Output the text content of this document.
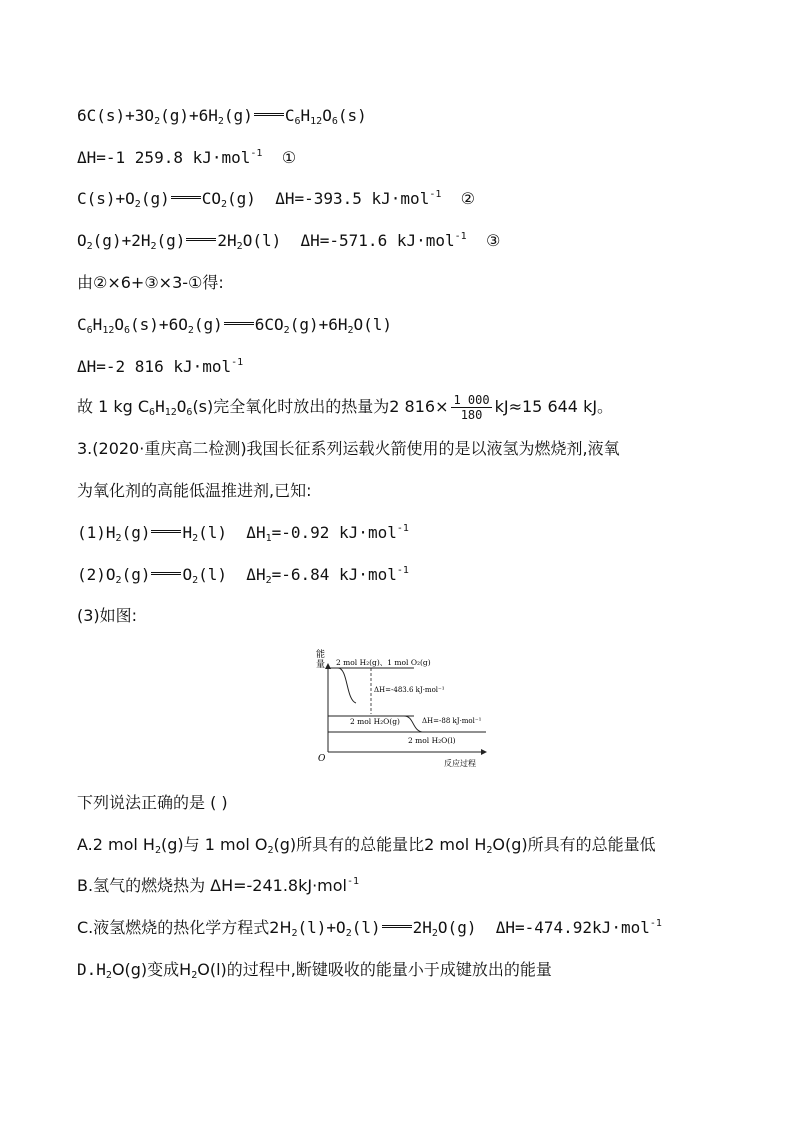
$6C(s)+3O_2(g)+6H_2(g)$ $C_6H_{12}O_6(s)$
ΔH=-1 259.8 kJ·mol$^{-1}$ ①
$C(s)+O_2(g)$ $CO_2(g)$  ΔH=-393.5 kJ·mol$^{-1}$ ②
$O_2(g)+2H_2(g)$ $2H_2O(l)$  ΔH=-571.6 kJ·mol$^{-1}$ ③
由②×6+③×3-①得:
$C_6H_{12}O_6(s)+6O_2(g)$ $6CO_2(g)+6H_2O(l)$
ΔH=-2 816 kJ·mol$^{-1}$
故 1 kg $C_6H_{12}O_6(s)$完全氧化时放出的热量为2 $816\times \frac{1 000}{180} kJ\approx 15$ 644 kJ。
3.(2020·重庆高二检测)我国长征系列运载火箭使用的是以液氢为燃烧剂,液氧
为氧化剂的高能低温推进剂,已知:
$(1)H_2(g)$ $H_2(l)$  $\Delta H_1=-0.92$ kJ·mol$^{-1}$
$(2)O_2(g)$ $O_2(l)$  $\Delta H_2=-6.84$ kJ·mol$^{-1}$
(3)如图:
能
量
O	反应过程
2 mol H₂(g)、1 mol O₂(g)
ΔH=-483.6 kJ·mol⁻¹
2 mol H₂O(g)	ΔH=-88 kJ·mol⁻¹
2 mol H₂O(l)
下列说法正确的是 ( )
A.2 mol $H_2(g)$与 1 mol $O_2(g)$所具有的总能量比2 mol $H_2O(g)$所具有的总能量低
B.氢气的燃烧热为 ΔH=-241.8kJ·mol$^{-1}$
C.液氢燃烧的热化学方程式$2H_2(l)+O_2(l)$ $2H_2O(g)$  ΔH=-474.92kJ·mol$^{-1}$
$D.H_2O(g)$变成$H_2O(l)$的过程中,断键吸收的能量小于成键放出的能量
